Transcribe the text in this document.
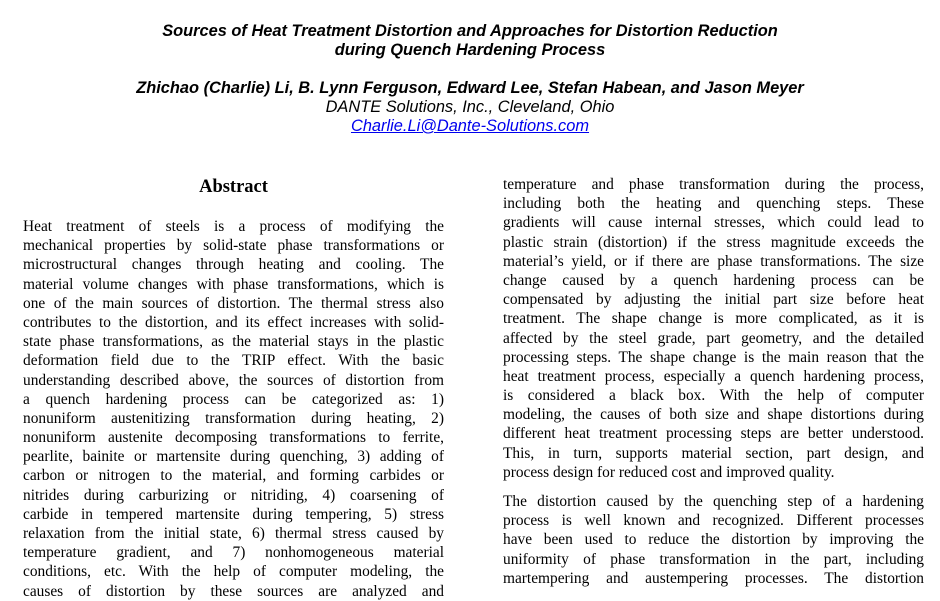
Sources of Heat Treatment Distortion and Approaches for Distortion Reduction
during Quench Hardening Process
Zhichao (Charlie) Li, B. Lynn Ferguson, Edward Lee, Stefan Habean, and Jason Meyer
DANTE Solutions, Inc., Cleveland, Ohio
Charlie.Li@Dante-Solutions.com
Abstract
Heat treatment of steels is a process of modifying the
mechanical properties by solid-state phase transformations or
microstructural changes through heating and cooling. The
material volume changes with phase transformations, which is
one of the main sources of distortion. The thermal stress also
contributes to the distortion, and its effect increases with solid-
state phase transformations, as the material stays in the plastic
deformation field due to the TRIP effect. With the basic
understanding described above, the sources of distortion from
a quench hardening process can be categorized as: 1)
nonuniform austenitizing transformation during heating, 2)
nonuniform austenite decomposing transformations to ferrite,
pearlite, bainite or martensite during quenching, 3) adding of
carbon or nitrogen to the material, and forming carbides or
nitrides during carburizing or nitriding, 4) coarsening of
carbide in tempered martensite during tempering, 5) stress
relaxation from the initial state, 6) thermal stress caused by
temperature gradient, and 7) nonhomogeneous material
conditions, etc. With the help of computer modeling, the
causes of distortion by these sources are analyzed and
temperature and phase transformation during the process,
including both the heating and quenching steps. These
gradients will cause internal stresses, which could lead to
plastic strain (distortion) if the stress magnitude exceeds the
material’s yield, or if there are phase transformations. The size
change caused by a quench hardening process can be
compensated by adjusting the initial part size before heat
treatment. The shape change is more complicated, as it is
affected by the steel grade, part geometry, and the detailed
processing steps. The shape change is the main reason that the
heat treatment process, especially a quench hardening process,
is considered a black box. With the help of computer
modeling, the causes of both size and shape distortions during
different heat treatment processing steps are better understood.
This, in turn, supports material section, part design, and
process design for reduced cost and improved quality.
The distortion caused by the quenching step of a hardening
process is well known and recognized. Different processes
have been used to reduce the distortion by improving the
uniformity of phase transformation in the part, including
martempering and austempering processes. The distortion
